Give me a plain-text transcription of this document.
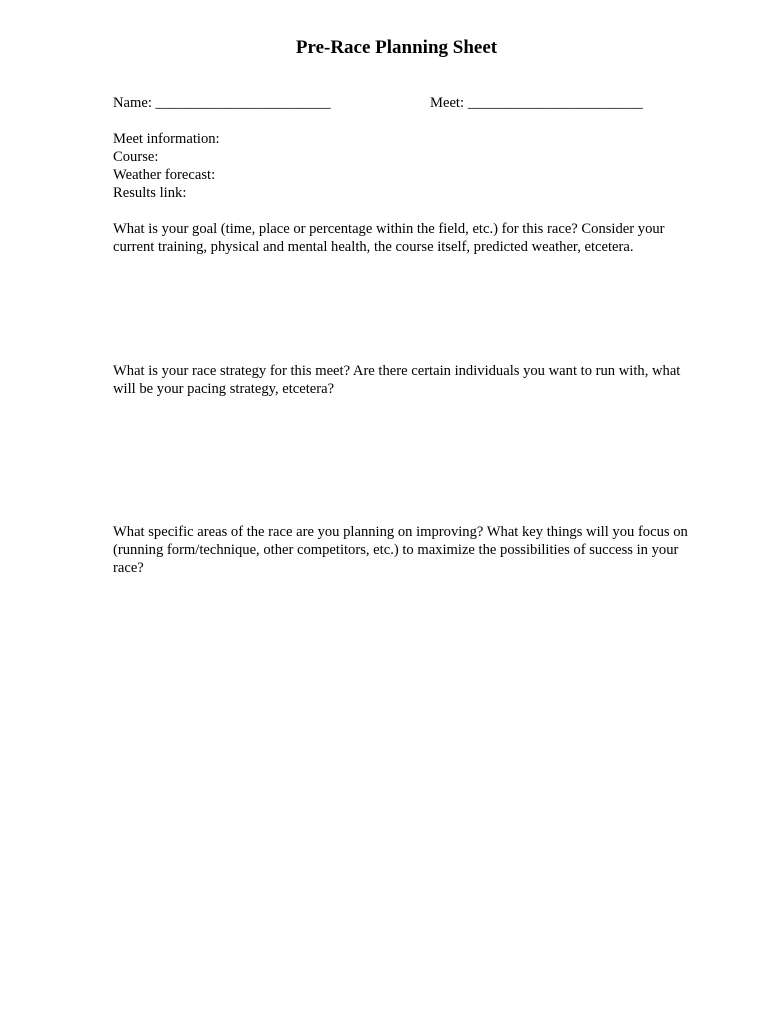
Pre-Race Planning Sheet

Name: ________________________	Meet: ________________________

Meet information:
Course:
Weather forecast:
Results link:

What is your goal (time, place or percentage within the field, etc.) for this race? Consider your current training, physical and mental health, the course itself, predicted weather, etcetera.

What is your race strategy for this meet? Are there certain individuals you want to run with, what will be your pacing strategy, etcetera?

What specific areas of the race are you planning on improving? What key things will you focus on (running form/technique, other competitors, etc.) to maximize the possibilities of success in your race?
